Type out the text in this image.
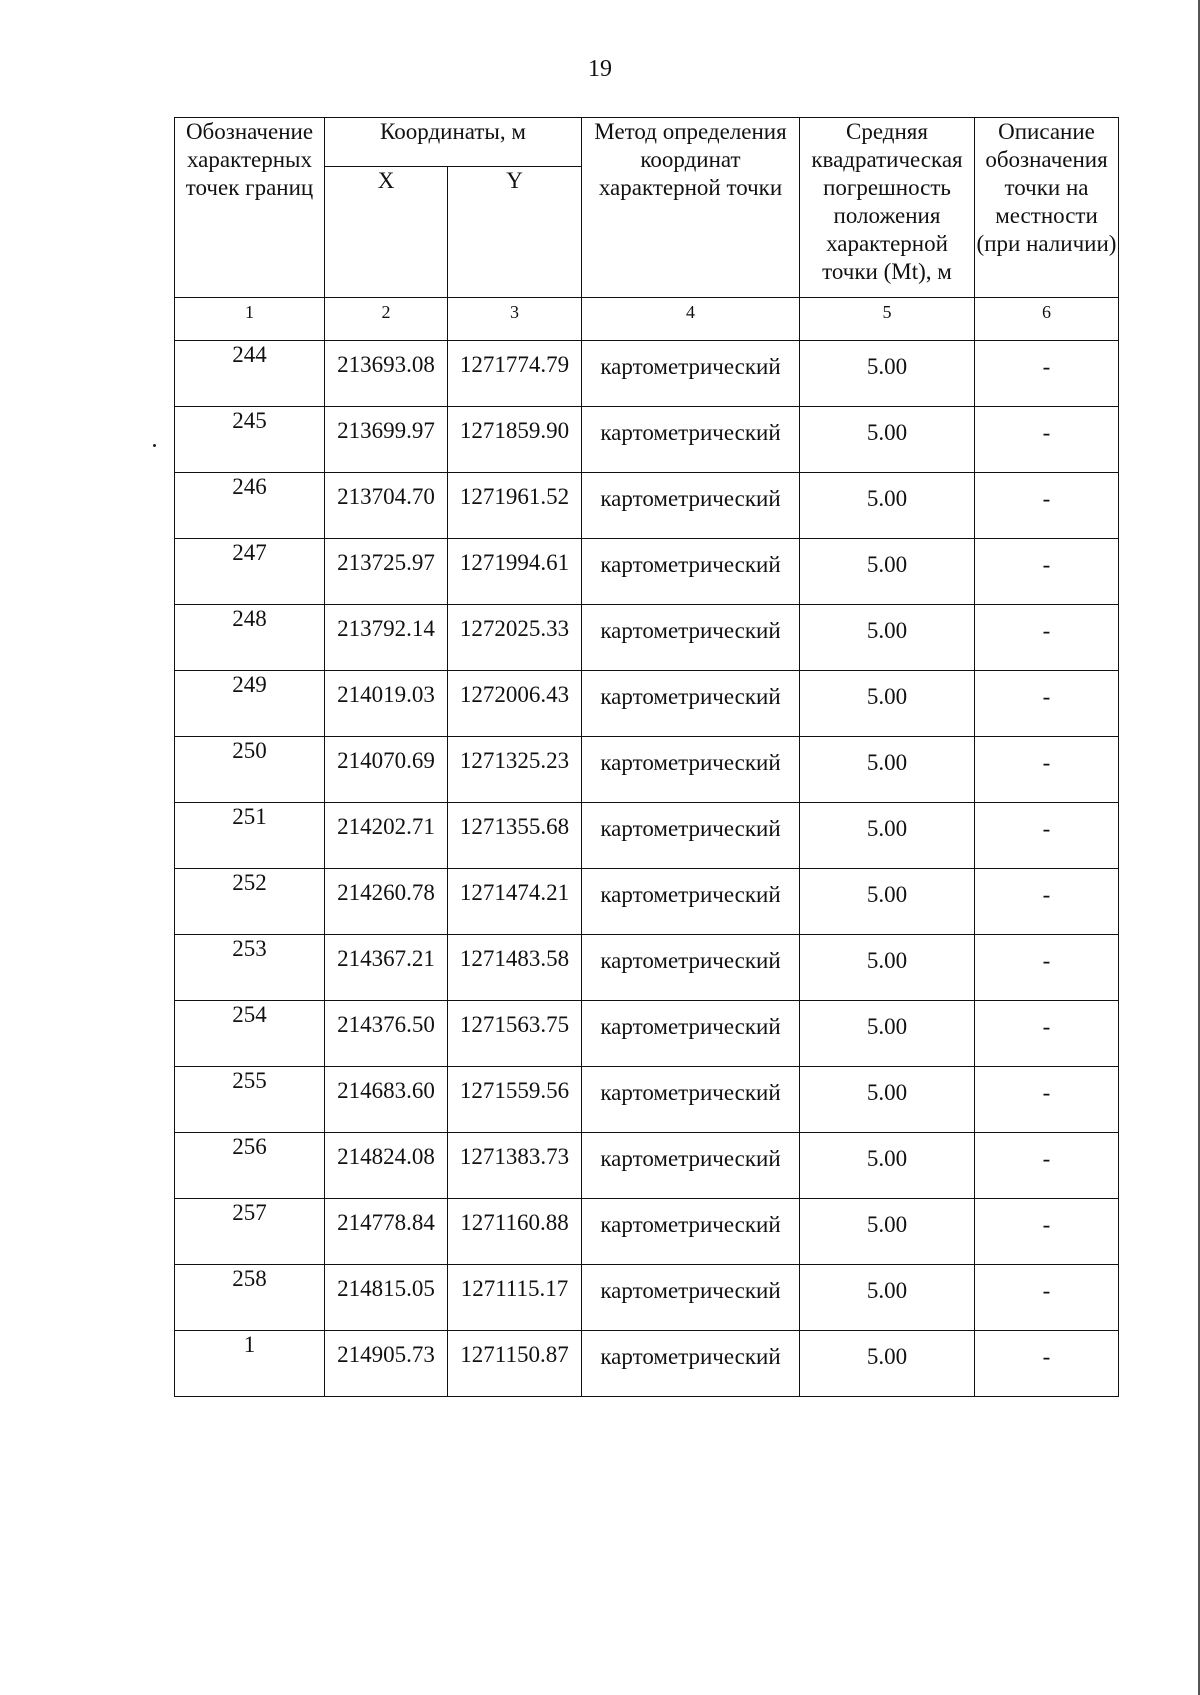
19
Обозначение характерных точек границ	Координаты, м		Метод определения координат характерной точки	Средняя квадратическая погрешность положения характерной точки (Mt), м	Описание обозначения точки на местности (при наличии)
	X	Y			
1	2	3	4	5	6
244	213693.08	1271774.79	картометрический	5.00	-
245	213699.97	1271859.90	картометрический	5.00	-
246	213704.70	1271961.52	картометрический	5.00	-
247	213725.97	1271994.61	картометрический	5.00	-
248	213792.14	1272025.33	картометрический	5.00	-
249	214019.03	1272006.43	картометрический	5.00	-
250	214070.69	1271325.23	картометрический	5.00	-
251	214202.71	1271355.68	картометрический	5.00	-
252	214260.78	1271474.21	картометрический	5.00	-
253	214367.21	1271483.58	картометрический	5.00	-
254	214376.50	1271563.75	картометрический	5.00	-
255	214683.60	1271559.56	картометрический	5.00	-
256	214824.08	1271383.73	картометрический	5.00	-
257	214778.84	1271160.88	картометрический	5.00	-
258	214815.05	1271115.17	картометрический	5.00	-
1	214905.73	1271150.87	картометрический	5.00	-
